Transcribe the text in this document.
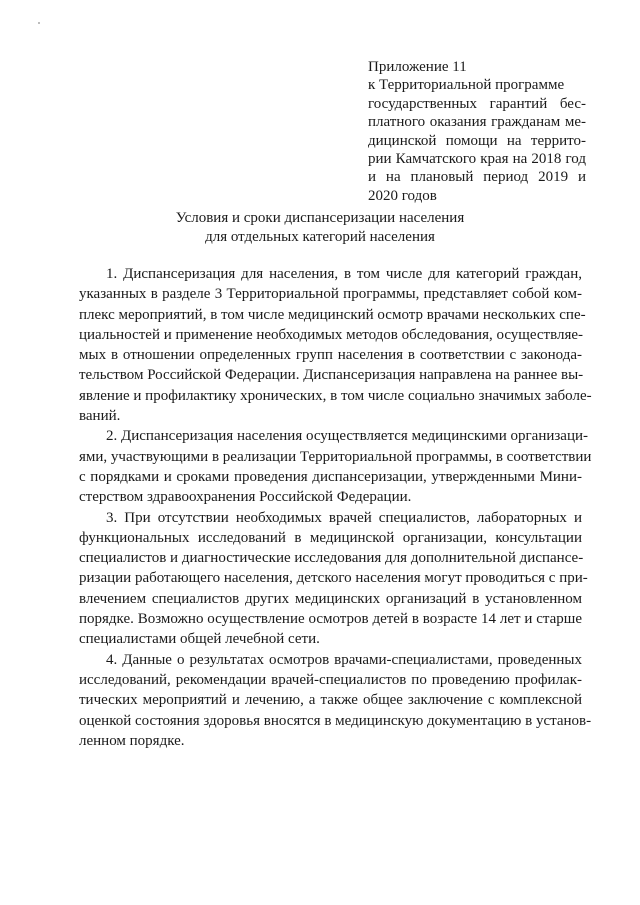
Приложение 11
к Территориальной программе
государственных гарантий бес-
платного оказания гражданам ме-
дицинской помощи на террито-
рии Камчатского края на 2018 год
и на плановый период 2019 и
2020 годов
Условия и сроки диспансеризации населения
для отдельных категорий населения
1. Диспансеризация для населения, в том числе для категорий граждан,
указанных в разделе 3 Территориальной программы, представляет собой ком-
плекс мероприятий, в том числе медицинский осмотр врачами нескольких спе-
циальностей и применение необходимых методов обследования, осуществляе-
мых в отношении определенных групп населения в соответствии с законода-
тельством Российской Федерации. Диспансеризация направлена на раннее вы-
явление и профилактику хронических, в том числе социально значимых заболе-
ваний.
2. Диспансеризация населения осуществляется медицинскими организаци-
ями, участвующими в реализации Территориальной программы, в соответствии
с порядками и сроками проведения диспансеризации, утвержденными Мини-
стерством здравоохранения Российской Федерации.
3. При отсутствии необходимых врачей специалистов, лабораторных и
функциональных исследований в медицинской организации, консультации
специалистов и диагностические исследования для дополнительной диспансе-
ризации работающего населения, детского населения могут проводиться с при-
влечением специалистов других медицинских организаций в установленном
порядке. Возможно осуществление осмотров детей в возрасте 14 лет и старше
специалистами общей лечебной сети.
4. Данные о результатах осмотров врачами-специалистами, проведенных
исследований, рекомендации врачей-специалистов по проведению профилак-
тических мероприятий и лечению, а также общее заключение с комплексной
оценкой состояния здоровья вносятся в медицинскую документацию в установ-
ленном порядке.
